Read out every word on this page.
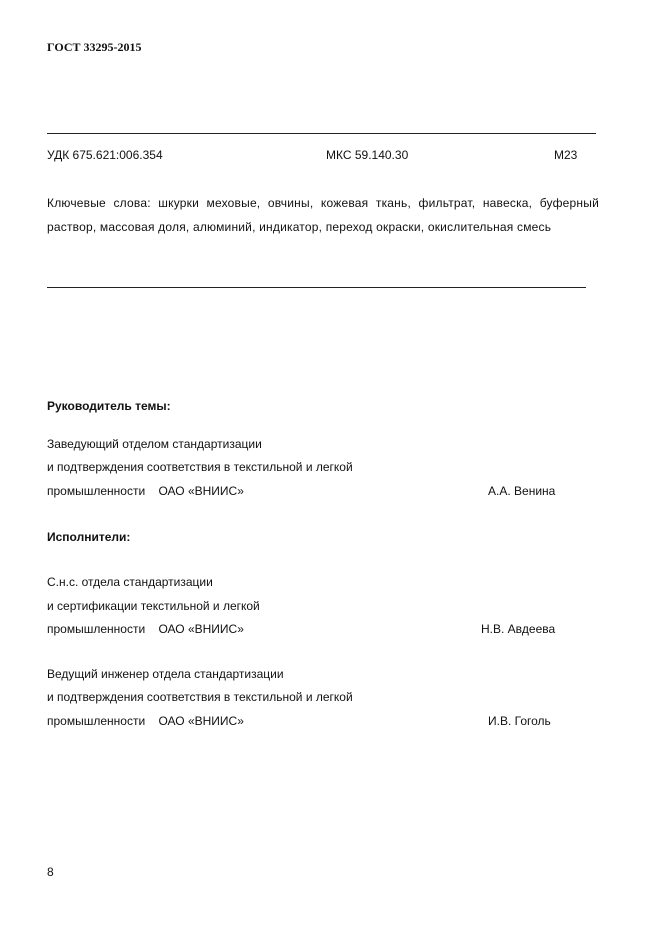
ГОСТ 33295-2015
УДК 675.621:006.354	МКС 59.140.30	М23
Ключевые слова: шкурки меховые, овчины, кожевая ткань, фильтрат, навеска, буферный раствор, массовая доля, алюминий, индикатор, переход окраски, окислительная смесь
Руководитель темы:
Заведующий отделом стандартизации
и подтверждения соответствия в текстильной и легкой
промышленности    ОАО «ВНИИС»	А.А. Венина
Исполнители:
С.н.с. отдела стандартизации
и сертификации текстильной и легкой
промышленности    ОАО «ВНИИС»	Н.В. Авдеева
Ведущий инженер отдела стандартизации
и подтверждения соответствия в текстильной и легкой
промышленности    ОАО «ВНИИС»	И.В. Гоголь
8
